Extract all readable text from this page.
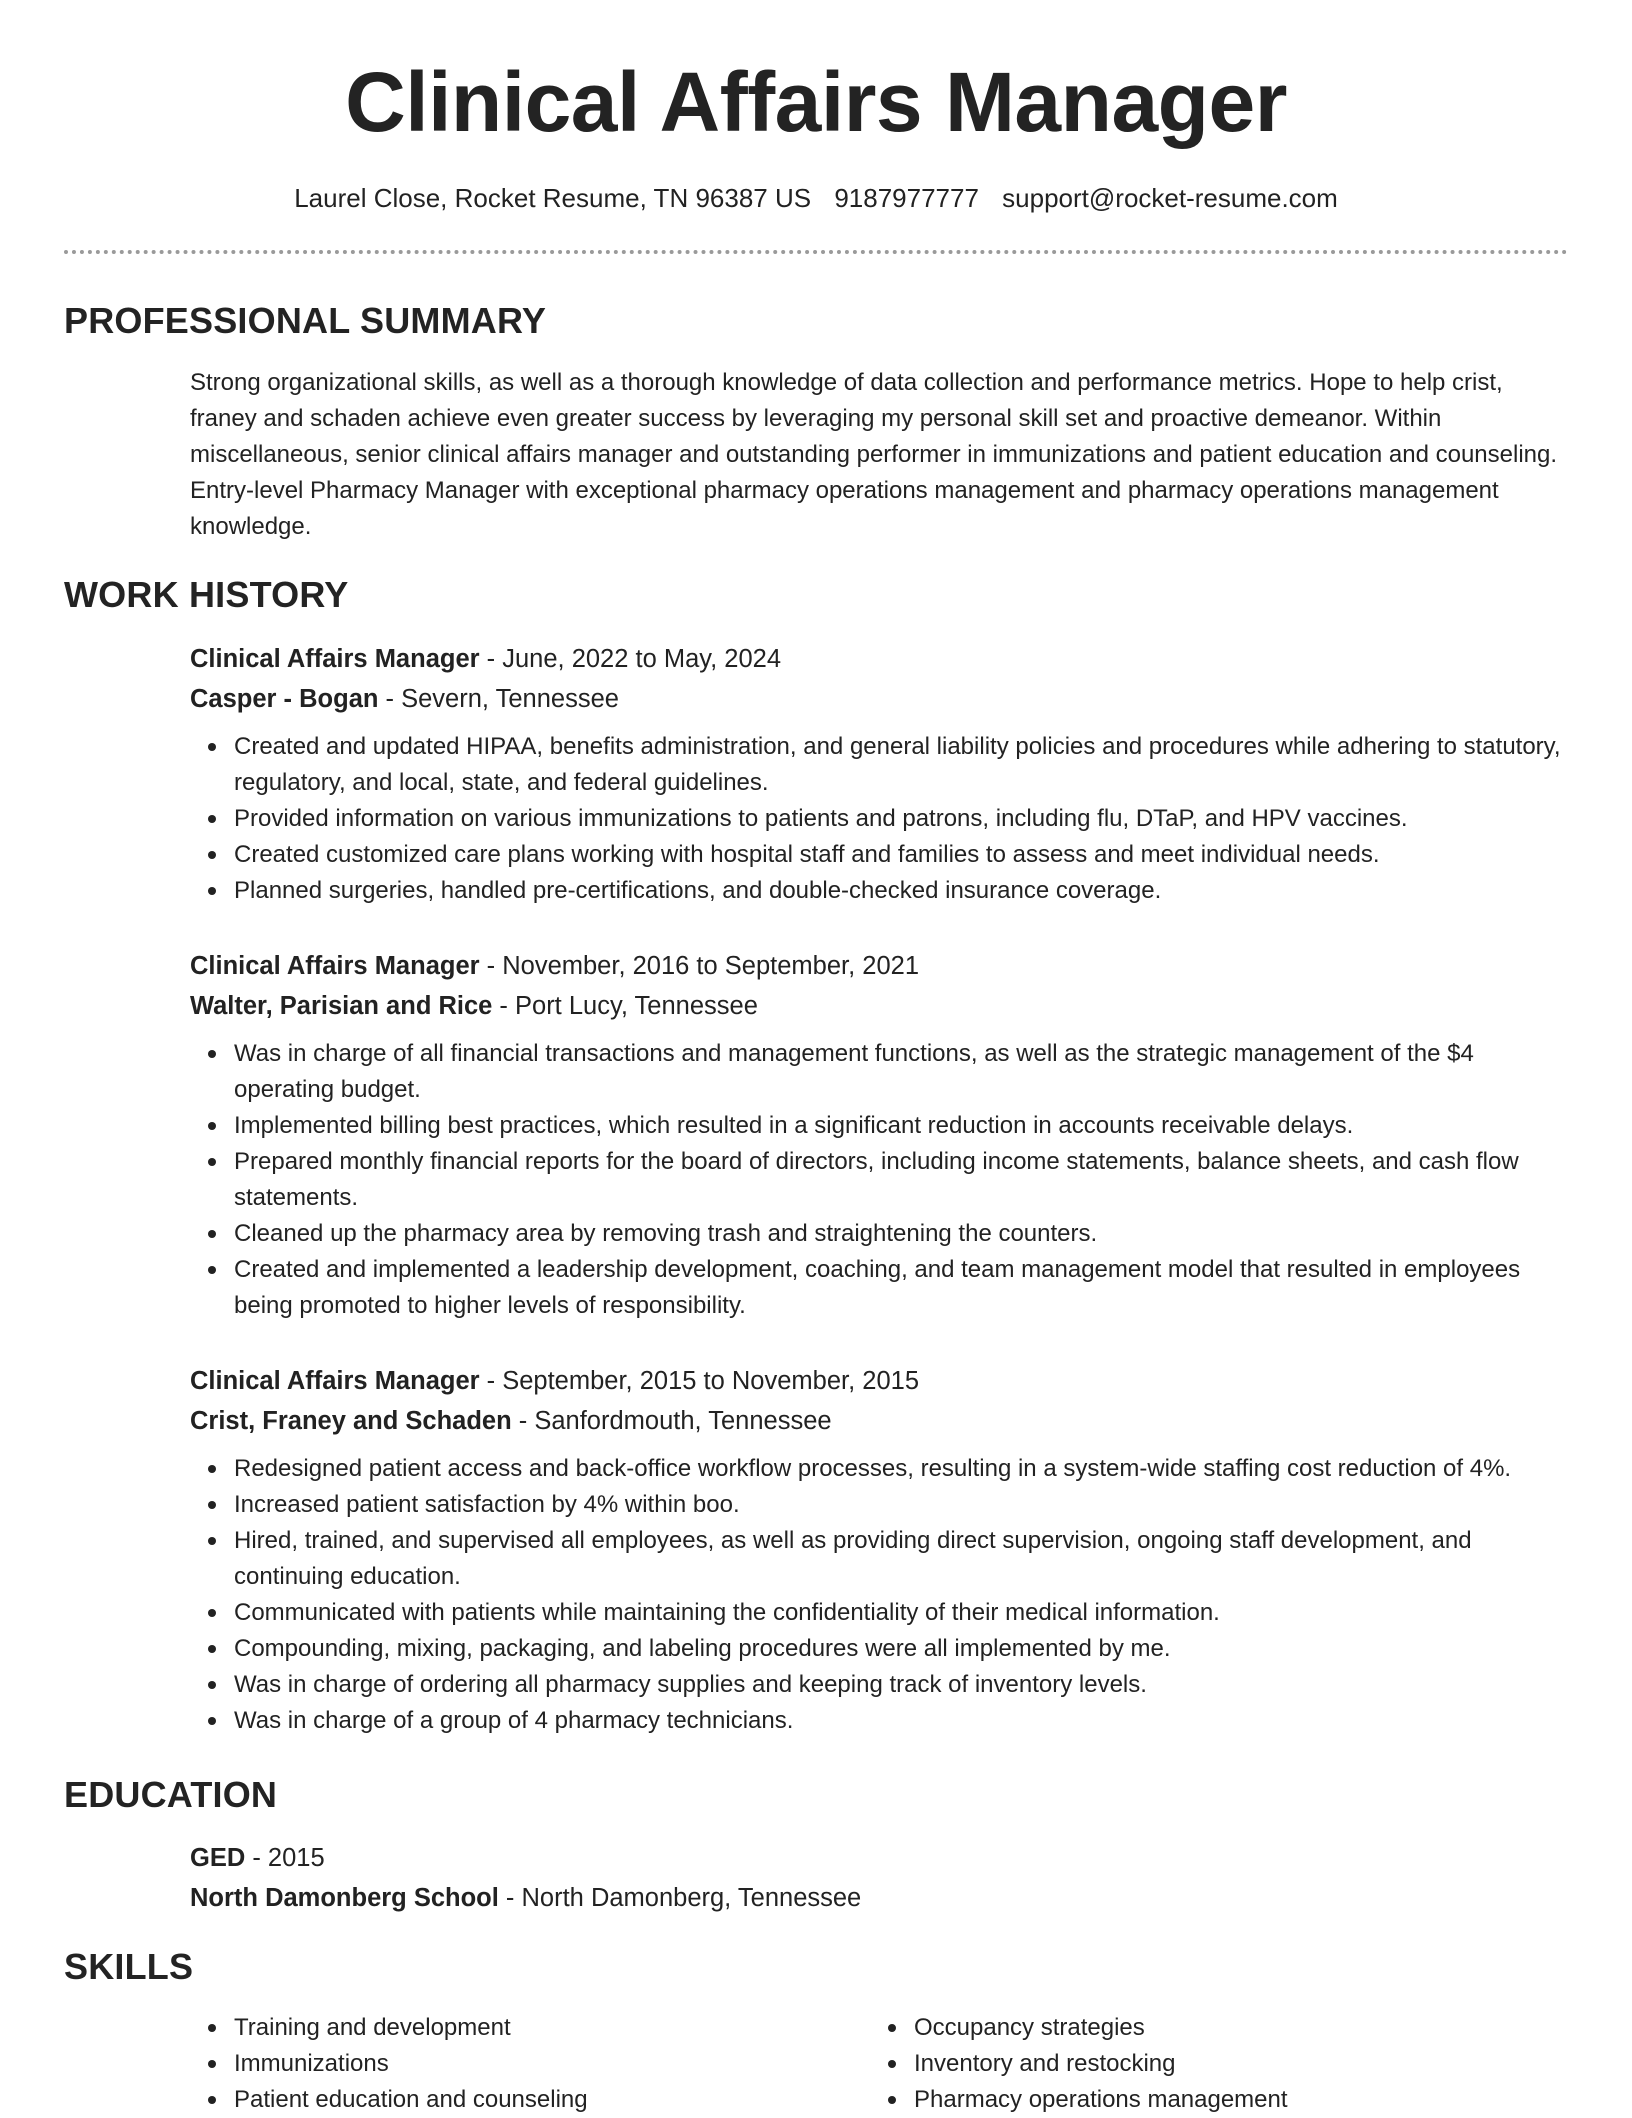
Clinical Affairs Manager
Laurel Close, Rocket Resume, TN 96387 US 9187977777 support@rocket-resume.com
PROFESSIONAL SUMMARY

Strong organizational skills, as well as a thorough knowledge of data collection and performance metrics. Hope to help crist, franey and schaden achieve even greater success by leveraging my personal skill set and proactive demeanor. Within miscellaneous, senior clinical affairs manager and outstanding performer in immunizations and patient education and counseling. Entry-level Pharmacy Manager with exceptional pharmacy operations management and pharmacy operations management knowledge.

WORK HISTORY

Clinical Affairs Manager - June, 2022 to May, 2024

Casper - Bogan - Severn, Tennessee

Created and updated HIPAA, benefits administration, and general liability policies and procedures while adhering to statutory, regulatory, and local, state, and federal guidelines.
Provided information on various immunizations to patients and patrons, including flu, DTaP, and HPV vaccines.
Created customized care plans working with hospital staff and families to assess and meet individual needs.
Planned surgeries, handled pre-certifications, and double-checked insurance coverage.

Clinical Affairs Manager - November, 2016 to September, 2021

Walter, Parisian and Rice - Port Lucy, Tennessee

Was in charge of all financial transactions and management functions, as well as the strategic management of the $4 operating budget.
Implemented billing best practices, which resulted in a significant reduction in accounts receivable delays.
Prepared monthly financial reports for the board of directors, including income statements, balance sheets, and cash flow statements.
Cleaned up the pharmacy area by removing trash and straightening the counters.
Created and implemented a leadership development, coaching, and team management model that resulted in employees being promoted to higher levels of responsibility.

Clinical Affairs Manager - September, 2015 to November, 2015

Crist, Franey and Schaden - Sanfordmouth, Tennessee

Redesigned patient access and back-office workflow processes, resulting in a system-wide staffing cost reduction of 4%.
Increased patient satisfaction by 4% within boo.
Hired, trained, and supervised all employees, as well as providing direct supervision, ongoing staff development, and continuing education.
Communicated with patients while maintaining the confidentiality of their medical information.
Compounding, mixing, packaging, and labeling procedures were all implemented by me.
Was in charge of ordering all pharmacy supplies and keeping track of inventory levels.
Was in charge of a group of 4 pharmacy technicians.
EDUCATION

GED - 2015

North Damonberg School - North Damonberg, Tennessee

SKILLS
Training and development
Immunizations
Patient education and counseling
Occupancy strategies
Inventory and restocking
Pharmacy operations management
